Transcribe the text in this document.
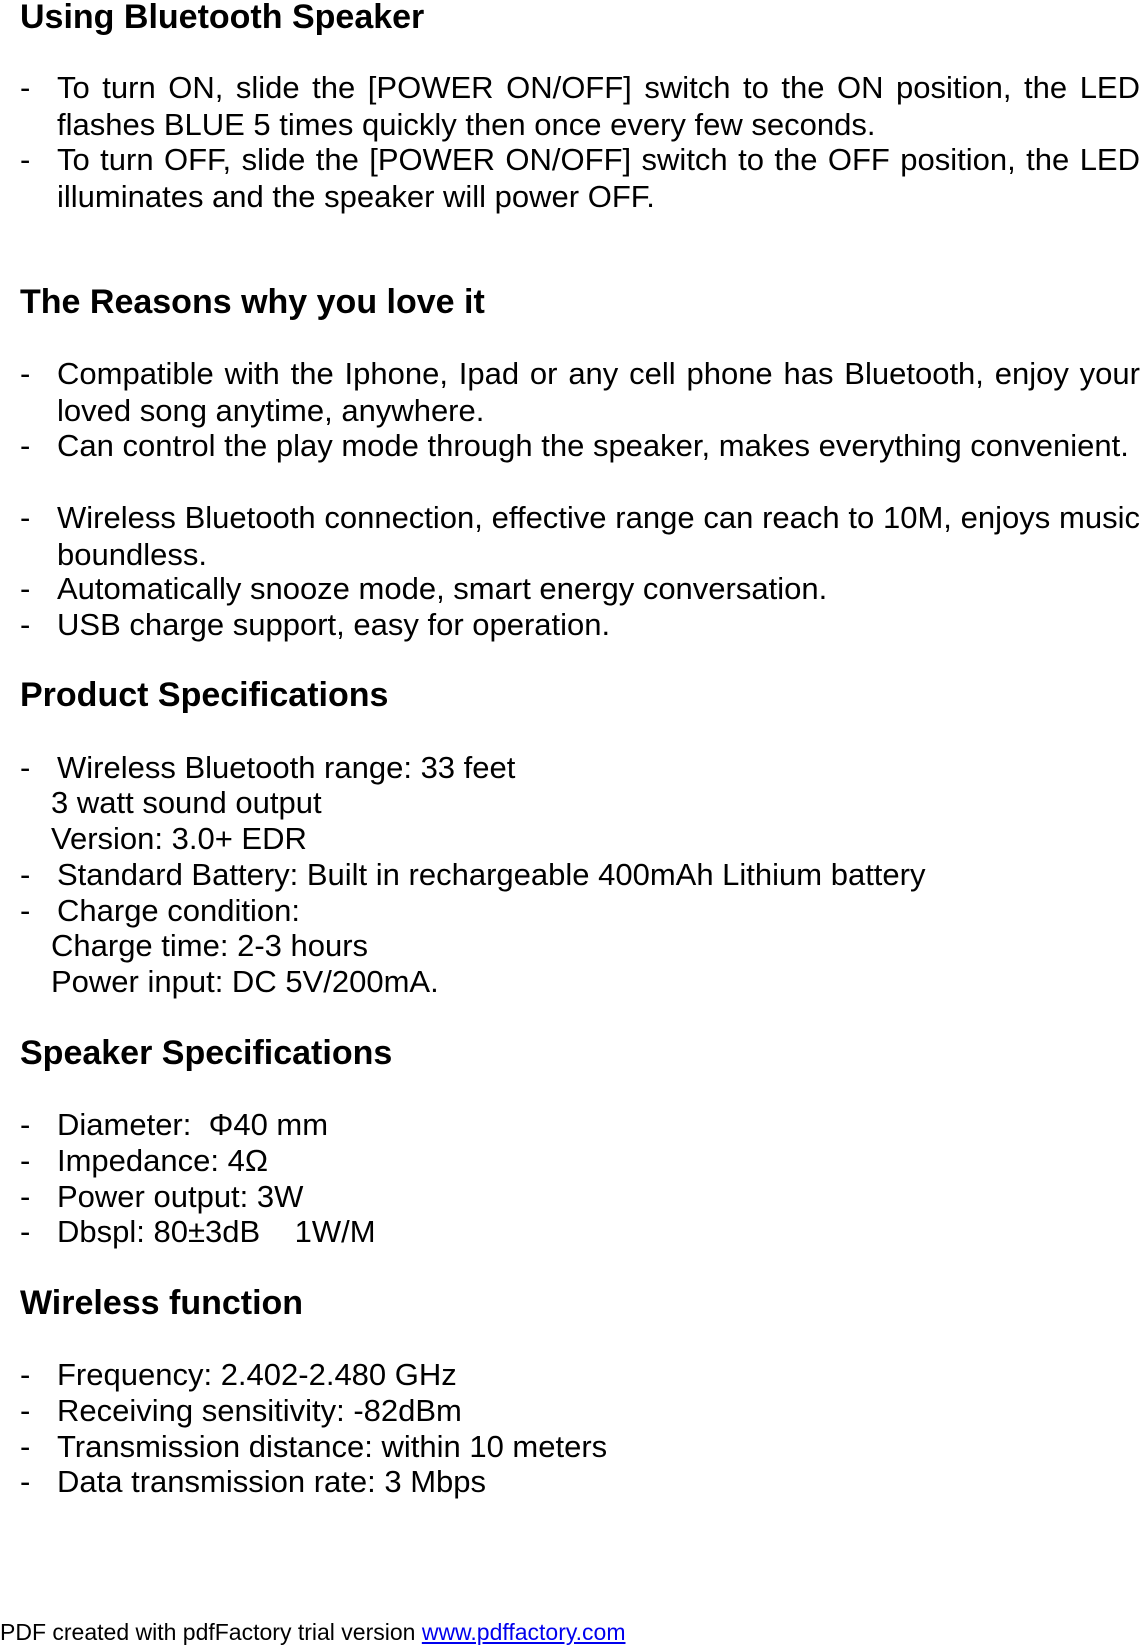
Using Bluetooth Speaker
- To turn ON, slide the [POWER ON/OFF] switch to the ON position, the LED flashes BLUE 5 times quickly then once every few seconds.
- To turn OFF, slide the [POWER ON/OFF] switch to the OFF position, the LED illuminates and the speaker will power OFF.
The Reasons why you love it
- Compatible with the Iphone, Ipad or any cell phone has Bluetooth, enjoy your loved song anytime, anywhere.
- Can control the play mode through the speaker, makes everything convenient.
- Wireless Bluetooth connection, effective range can reach to 10M, enjoys music boundless.
- Automatically snooze mode, smart energy conversation.
- USB charge support, easy for operation.
Product Specifications
- Wireless Bluetooth range: 33 feet
3 watt sound output
Version: 3.0+ EDR
- Standard Battery: Built in rechargeable 400mAh Lithium battery
- Charge condition:
Charge time: 2-3 hours
Power input: DC 5V/200mA.
Speaker Specifications
- Diameter:  Φ40 mm
- Impedance: 4Ω
- Power output: 3W
- Dbspl: 80±3dB    1W/M
Wireless function
- Frequency: 2.402-2.480 GHz
- Receiving sensitivity: -82dBm
- Transmission distance: within 10 meters
- Data transmission rate: 3 Mbps
PDF created with pdfFactory trial version www.pdffactory.com
